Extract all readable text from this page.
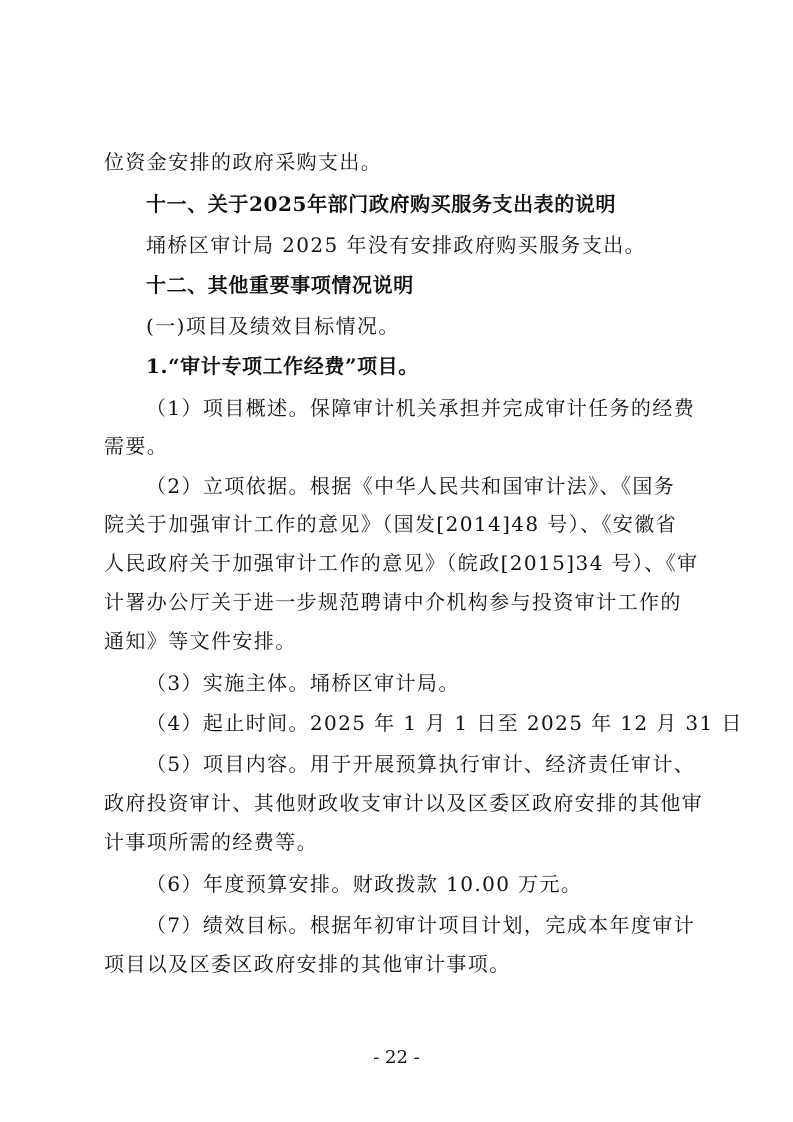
位资金安排的政府采购支出。
十一、关于2025年部门政府购买服务支出表的说明
埇桥区审计局 2025 年没有安排政府购买服务支出。
十二、其他重要事项情况说明
(一)项目及绩效目标情况。
1.“审计专项工作经费”项目。
（1）项目概述。保障审计机关承担并完成审计任务的经费
需要。
（2）立项依据。根据《中华人民共和国审计法》、《国务
院关于加强审计工作的意见》（国发[2014]48 号）、《安徽省
人民政府关于加强审计工作的意见》（皖政[2015]34 号）、《审
计署办公厅关于进一步规范聘请中介机构参与投资审计工作的
通知》等文件安排。
（3）实施主体。埇桥区审计局。
（4）起止时间。2025 年 1 月 1 日至 2025 年 12 月 31 日
（5）项目内容。用于开展预算执行审计、经济责任审计、
政府投资审计、其他财政收支审计以及区委区政府安排的其他审
计事项所需的经费等。
（6）年度预算安排。财政拨款 10.00 万元。
（7）绩效目标。根据年初审计项目计划，完成本年度审计
项目以及区委区政府安排的其他审计事项。
- 22 -
